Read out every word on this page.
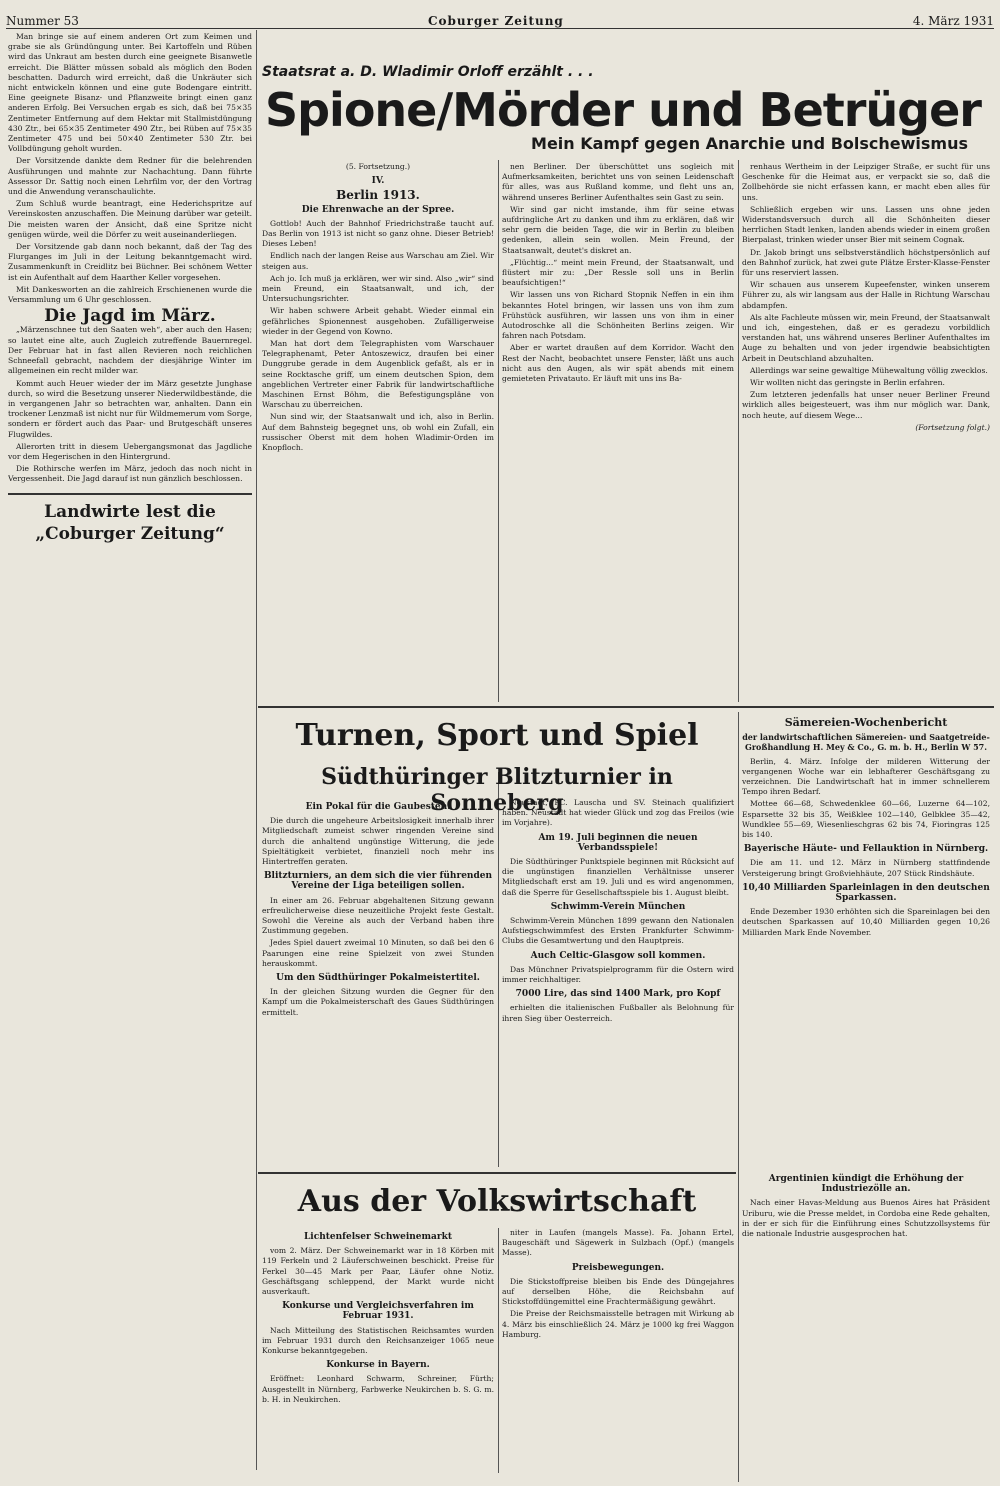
Nummer 53	Coburger Zeitung	4. März 1931

Man bringe sie auf einem anderen Ort zum Keimen und grabe sie als Gründüngung unter. Bei Kartoffeln und Rüben wird das Unkraut am besten durch eine geeignete Bisanwetle erreicht. Die Blätter müssen sobald als möglich den Boden beschatten. Dadurch wird erreicht, daß die Unkräuter sich nicht entwickeln können und eine gute Bodengare eintritt. Eine geeignete Bisanz- und Pflanzweite bringt einen ganz anderen Erfolg. Bei Versuchen ergab es sich, daß bei 75×35 Zentimeter Entfernung auf dem Hektar mit Stallmistdüngung 430 Ztr., bei 65×35 Zentimeter 490 Ztr., bei Rüben auf 75×35 Zentimeter 475 und bei 50×40 Zentimeter 530 Ztr. bei Vollbdüngung geholt wurden.

Der Vorsitzende dankte dem Redner für die belehrenden Ausführungen und mahnte zur Nachachtung. Dann führte Assessor Dr. Sattig noch einen Lehrfilm vor, der den Vortrag und die Anwendung veranschaulichte.

Zum Schluß wurde beantragt, eine Hederichspritze auf Vereinskosten anzuschaffen. Die Meinung darüber war geteilt. Die meisten waren der Ansicht, daß eine Spritze nicht genügen würde, weil die Dörfer zu weit auseinanderliegen.

Der Vorsitzende gab dann noch bekannt, daß der Tag des Flurganges im Juli in der Leitung bekanntgemacht wird. Zusammenkunft in Creidlitz bei Büchner. Bei schönem Wetter ist ein Aufenthalt auf dem Haarther Keller vorgesehen.

Mit Dankesworten an die zahlreich Erschienenen wurde die Versammlung um 6 Uhr geschlossen.

Die Jagd im März.

„Märzenschnee tut den Saaten weh“, aber auch den Hasen; so lautet eine alte, auch Zugleich zutreffende Bauernregel. Der Februar hat in fast allen Revieren noch reichlichen Schneefall gebracht, nachdem der diesjährige Winter im allgemeinen ein recht milder war.

Kommt auch Heuer wieder der im März gesetzte Junghase durch, so wird die Besetzung unserer Niederwildbestände, die in vergangenen Jahr so betrachten war, anhalten. Dann ein trockener Lenzmaß ist nicht nur für Wildmemerum vom Sorge, sondern er fördert auch das Paar- und Brutgeschäft unseres Flugwildes.

Allerorten tritt in diesem Uebergangsmonat das Jagdliche vor dem Hegerischen in den Hintergrund.

Die Rothirsche werfen im März, jedoch das noch nicht in Vergessenheit. Die Jagd darauf ist nun gänzlich beschlossen.

Landwirte lest die „Coburger Zeitung“
Staatsrat a. D. Wladimir Orloff erzählt . . .
Spione/Mörder und Betrüger
Mein Kampf gegen Anarchie und Bolschewismus
(5. Fortsetzung.)
IV.
Berlin 1913.
Die Ehrenwache an der Spree.

Gottlob! Auch der Bahnhof Friedrichstraße taucht auf. Das Berlin von 1913 ist nicht so ganz ohne. Dieser Betrieb! Dieses Leben!

Endlich nach der langen Reise aus Warschau am Ziel. Wir steigen aus.

Ach jo. Ich muß ja erklären, wer wir sind. Also „wir“ sind mein Freund, ein Staatsanwalt, und ich, der Untersuchungsrichter.

Wir haben schwere Arbeit gehabt. Wieder einmal ein gefährliches Spionennest ausgehoben. Zufälligerweise wieder in der Gegend von Kowno.

Man hat dort dem Telegraphisten vom Warschauer Telegraphenamt, Peter Antoszewicz, draufen bei einer Dunggrube gerade in dem Augenblick gefaßt, als er in seine Rocktasche griff, um einem deutschen Spion, dem angeblichen Vertreter einer Fabrik für landwirtschaftliche Maschinen Ernst Böhm, die Befestigungspläne von Warschau zu überreichen.

Nun sind wir, der Staatsanwalt und ich, also in Berlin. Auf dem Bahnsteig begegnet uns, ob wohl ein Zufall, ein russischer Oberst mit dem hohen Wladimir-Orden im Knopfloch.

nen Berliner. Der überschüttet uns sogleich mit Aufmerksamkeiten, berichtet uns von seinen Leidenschaft für alles, was aus Rußland komme, und fleht uns an, während unseres Berliner Aufenthaltes sein Gast zu sein.

Wir sind gar nicht imstande, ihm für seine etwas aufdringliche Art zu danken und ihm zu erklären, daß wir sehr gern die beiden Tage, die wir in Berlin zu bleiben gedenken, allein sein wollen. Mein Freund, der Staatsanwalt, deutet's diskret an.

„Flüchtig...“ meint mein Freund, der Staatsanwalt, und flüstert mir zu: „Der Ressle soll uns in Berlin beaufsichtigen!“

Wir lassen uns von Richard Stopnik Neffen in ein ihm bekanntes Hotel bringen, wir lassen uns von ihm zum Frühstück ausführen, wir lassen uns von ihm in einer Autodroschke all die Schönheiten Berlins zeigen. Wir fahren nach Potsdam.

Aber er wartet draußen auf dem Korridor. Wacht den Rest der Nacht, beobachtet unsere Fenster, läßt uns auch nicht aus den Augen, als wir spät abends mit einem gemieteten Privatauto. Er läuft mit uns ins Ba-

renhaus Wertheim in der Leipziger Straße, er sucht für uns Geschenke für die Heimat aus, er verpackt sie so, daß die Zollbehörde sie nicht erfassen kann, er macht eben alles für uns.

Schließlich ergeben wir uns. Lassen uns ohne jeden Widerstandsversuch durch all die Schönheiten dieser herrlichen Stadt lenken, landen abends wieder in einem großen Bierpalast, trinken wieder unser Bier mit seinem Cognak.

Dr. Jakob bringt uns selbstverständlich höchstpersönlich auf den Bahnhof zurück, hat zwei gute Plätze Erster-Klasse-Fenster für uns reserviert lassen.

Wir schauen aus unserem Kupeefenster, winken unserem Führer zu, als wir langsam aus der Halle in Richtung Warschau abdampfen.

Als alte Fachleute müssen wir, mein Freund, der Staatsanwalt und ich, eingestehen, daß er es geradezu vorbildlich verstanden hat, uns während unseres Berliner Aufenthaltes im Auge zu behalten und von jeder irgendwie beabsichtigten Arbeit in Deutschland abzuhalten.

Allerdings war seine gewaltige Mühewaltung völlig zwecklos.

Wir wollten nicht das geringste in Berlin erfahren.

Zum letzteren jedenfalls hat unser neuer Berliner Freund wirklich alles beigesteuert, was ihm nur möglich war. Dank, noch heute, auf diesem Wege...

(Fortsetzung folgt.)
Turnen, Sport und Spiel
Südthüringer Blitzturnier in Sonneberg
Ein Pokal für die Gaubesten.

Die durch die ungeheure Arbeitslosigkeit innerhalb ihrer Mitgliedschaft zumeist schwer ringenden Vereine sind durch die anhaltend ungünstige Witterung, die jede Spieltätigkeit verbietet, finanziell noch mehr ins Hintertreffen geraten.

Blitzturniers, an dem sich die vier führenden Vereine der Liga beteiligen sollen.

In einer am 26. Februar abgehaltenen Sitzung gewann erfreulicherweise diese neuzeitliche Projekt feste Gestalt. Sowohl die Vereine als auch der Verband haben ihre Zustimmung gegeben.

Jedes Spiel dauert zweimal 10 Minuten, so daß bei den 6 Paarungen eine reine Spielzeit von zwei Stunden herauskommt.

Um den Südthüringer Pokalmeistertitel.

In der gleichen Sitzung wurden die Gegner für den Kampf um die Pokalmeisterschaft des Gaues Südthüringen ermittelt.

Neustadt, FC. Lauscha und SV. Steinach qualifiziert haben. Neustadt hat wieder Glück und zog das Freilos (wie im Vorjahre).

Am 19. Juli beginnen die neuen Verbandsspiele!

Die Südthüringer Punktspiele beginnen mit Rücksicht auf die ungünstigen finanziellen Verhältnisse unserer Mitgliedschaft erst am 19. Juli und es wird angenommen, daß die Sperre für Gesellschaftsspiele bis 1. August bleibt.

Schwimm-Verein München

Schwimm-Verein München 1899 gewann den Nationalen Aufstiegschwimmfest des Ersten Frankfurter Schwimm-Clubs die Gesamtwertung und den Hauptpreis.

Auch Celtic-Glasgow soll kommen.

Das Münchner Privatspielprogramm für die Ostern wird immer reichhaltiger.

7000 Lire, das sind 1400 Mark, pro Kopf

erhielten die italienischen Fußballer als Belohnung für ihren Sieg über Oesterreich.

Sämereien-Wochenbericht
der landwirtschaftlichen Sämereien- und Saatgetreide-Großhandlung H. Mey & Co., G. m. b. H., Berlin W 57.

Berlin, 4. März. Infolge der milderen Witterung der vergangenen Woche war ein lebhafterer Geschäftsgang zu verzeichnen. Die Landwirtschaft hat in immer schnellerem Tempo ihren Bedarf.

Mottee 66—68, Schwedenklee 60—66, Luzerne 64—102, Esparsette 32 bis 35, Weißklee 102—140, Gelbklee 35—42, Wundklee 55—69, Wiesenlieschgras 62 bis 74, Fioringras 125 bis 140.

Bayerische Häute- und Fellauktion in Nürnberg.

Die am 11. und 12. März in Nürnberg stattfindende Versteigerung bringt Großviehhäute, 207 Stück Rindshäute.

10,40 Milliarden Sparleinlagen in den deutschen Sparkassen.

Ende Dezember 1930 erhöhten sich die Spareinlagen bei den deutschen Sparkassen auf 10,40 Milliarden gegen 10,26 Milliarden Mark Ende November.

Aus der Volkswirtschaft
Lichtenfelser Schweinemarkt

vom 2. März. Der Schweinemarkt war in 18 Körben mit 119 Ferkeln und 2 Läuferschweinen beschickt. Preise für Ferkel 30—45 Mark per Paar, Läufer ohne Notiz. Geschäftsgang schleppend, der Markt wurde nicht ausverkauft.

Konkurse und Vergleichsverfahren im Februar 1931.

Nach Mitteilung des Statistischen Reichsamtes wurden im Februar 1931 durch den Reichsanzeiger 1065 neue Konkurse bekanntgegeben.

Konkurse in Bayern.

Eröffnet: Leonhard Schwarm, Schreiner, Fürth; Ausgestellt in Nürnberg, Farbwerke Neukirchen b. S. G. m. b. H. in Neukirchen.

niter in Laufen (mangels Masse). Fa. Johann Ertel, Baugeschäft und Sägewerk in Sulzbach (Opf.) (mangels Masse).

Preisbewegungen.

Die Stickstoffpreise bleiben bis Ende des Düngejahres auf derselben Höhe, die Reichsbahn auf Stickstoffdüngemittel eine Frachtermäßigung gewährt.

Die Preise der Reichsmaisstelle betragen mit Wirkung ab 4. März bis einschließlich 24. März je 1000 kg frei Waggon Hamburg.

Argentinien kündigt die Erhöhung der Industriezölle an.

Nach einer Havas-Meldung aus Buenos Aires hat Präsident Uriburu, wie die Presse meldet, in Cordoba eine Rede gehalten, in der er sich für die Einführung eines Schutzzollsystems für die nationale Industrie ausgesprochen hat.
